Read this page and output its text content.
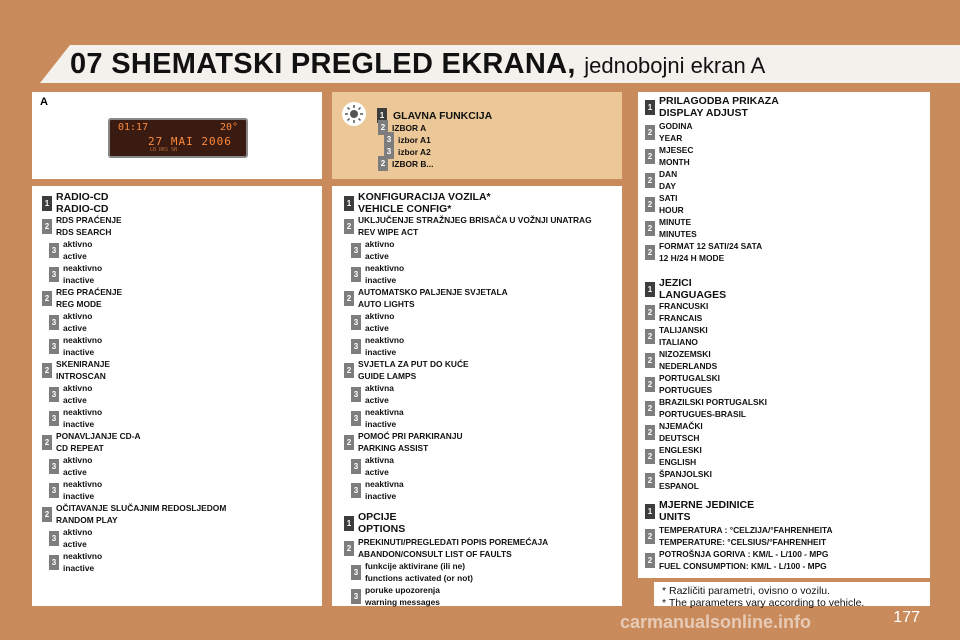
07 SHEMATSKI PREGLED EKRANA, jednobojni ekran A
A
01:17	20°
27 MAI 2006
LB RKS SN
* Različiti parametri, ovisno o vozilu.
* The parameters vary according to vehicle.
carmanualsonline.info	177
1 GLAVNA FUNKCIJA
2 IZBOR A
3 izbor A1
3 izbor A2
2 IZBOR B...
1 RADIO-CD
RADIO-CD
2
RDS PRAĆENJE
RDS SEARCH
3
aktivno
active
3
neaktivno
inactive
2
REG PRAĆENJE
REG MODE
3
aktivno
active
3
neaktivno
inactive
2
SKENIRANJE
INTROSCAN
3
aktivno
active
3
neaktivno
inactive
2
PONAVLJANJE CD-A
CD REPEAT
3
aktivno
active
3
neaktivno
inactive
2
OČITAVANJE SLUČAJNIM REDOSLJEDOM
RANDOM PLAY
3
aktivno
active
3
neaktivno
inactive
1 KONFIGURACIJA VOZILA*
VEHICLE CONFIG*
2
UKLJUČENJE STRAŽNJEG BRISAČA U VOŽNJI UNATRAG
REV WIPE ACT
3
aktivno
active
3
neaktivno
inactive
2
AUTOMATSKO PALJENJE SVJETALA
AUTO LIGHTS
3
aktivno
active
3
neaktivno
inactive
2
SVJETLA ZA PUT DO KUĆE
GUIDE LAMPS
3
aktivna
active
3
neaktivna
inactive
2
POMOĆ PRI PARKIRANJU
PARKING ASSIST
3
aktivna
active
3
neaktivna
inactive
1 OPCIJE
OPTIONS
2
PREKINUTI/PREGLEDATI POPIS POREMEĆAJA
ABANDON/CONSULT LIST OF FAULTS
3
funkcije aktivirane (ili ne)
functions activated (or not)
3
poruke upozorenja
warning messages
1 PRILAGODBA PRIKAZA
DISPLAY ADJUST
2
GODINA
YEAR
2
MJESEC
MONTH
2
DAN
DAY
2
SATI
HOUR
2
MINUTE
MINUTES
2
FORMAT 12 SATI/24 SATA
12 H/24 H MODE
1 JEZICI
LANGUAGES
2
FRANCUSKI
FRANCAIS
2
TALIJANSKI
ITALIANO
2
NIZOZEMSKI
NEDERLANDS
2
PORTUGALSKI
PORTUGUES
2
BRAZILSKI PORTUGALSKI
PORTUGUES-BRASIL
2
NJEMAČKI
DEUTSCH
2
ENGLESKI
ENGLISH
2
ŠPANJOLSKI
ESPANOL
1 MJERNE JEDINICE
UNITS
2
TEMPERATURA : °CELZIJA/°FAHRENHEITA
TEMPERATURE: °CELSIUS/°FAHRENHEIT
2
POTROŠNJA GORIVA : KM/L - L/100 - MPG
FUEL CONSUMPTION: KM/L - L/100 - MPG
